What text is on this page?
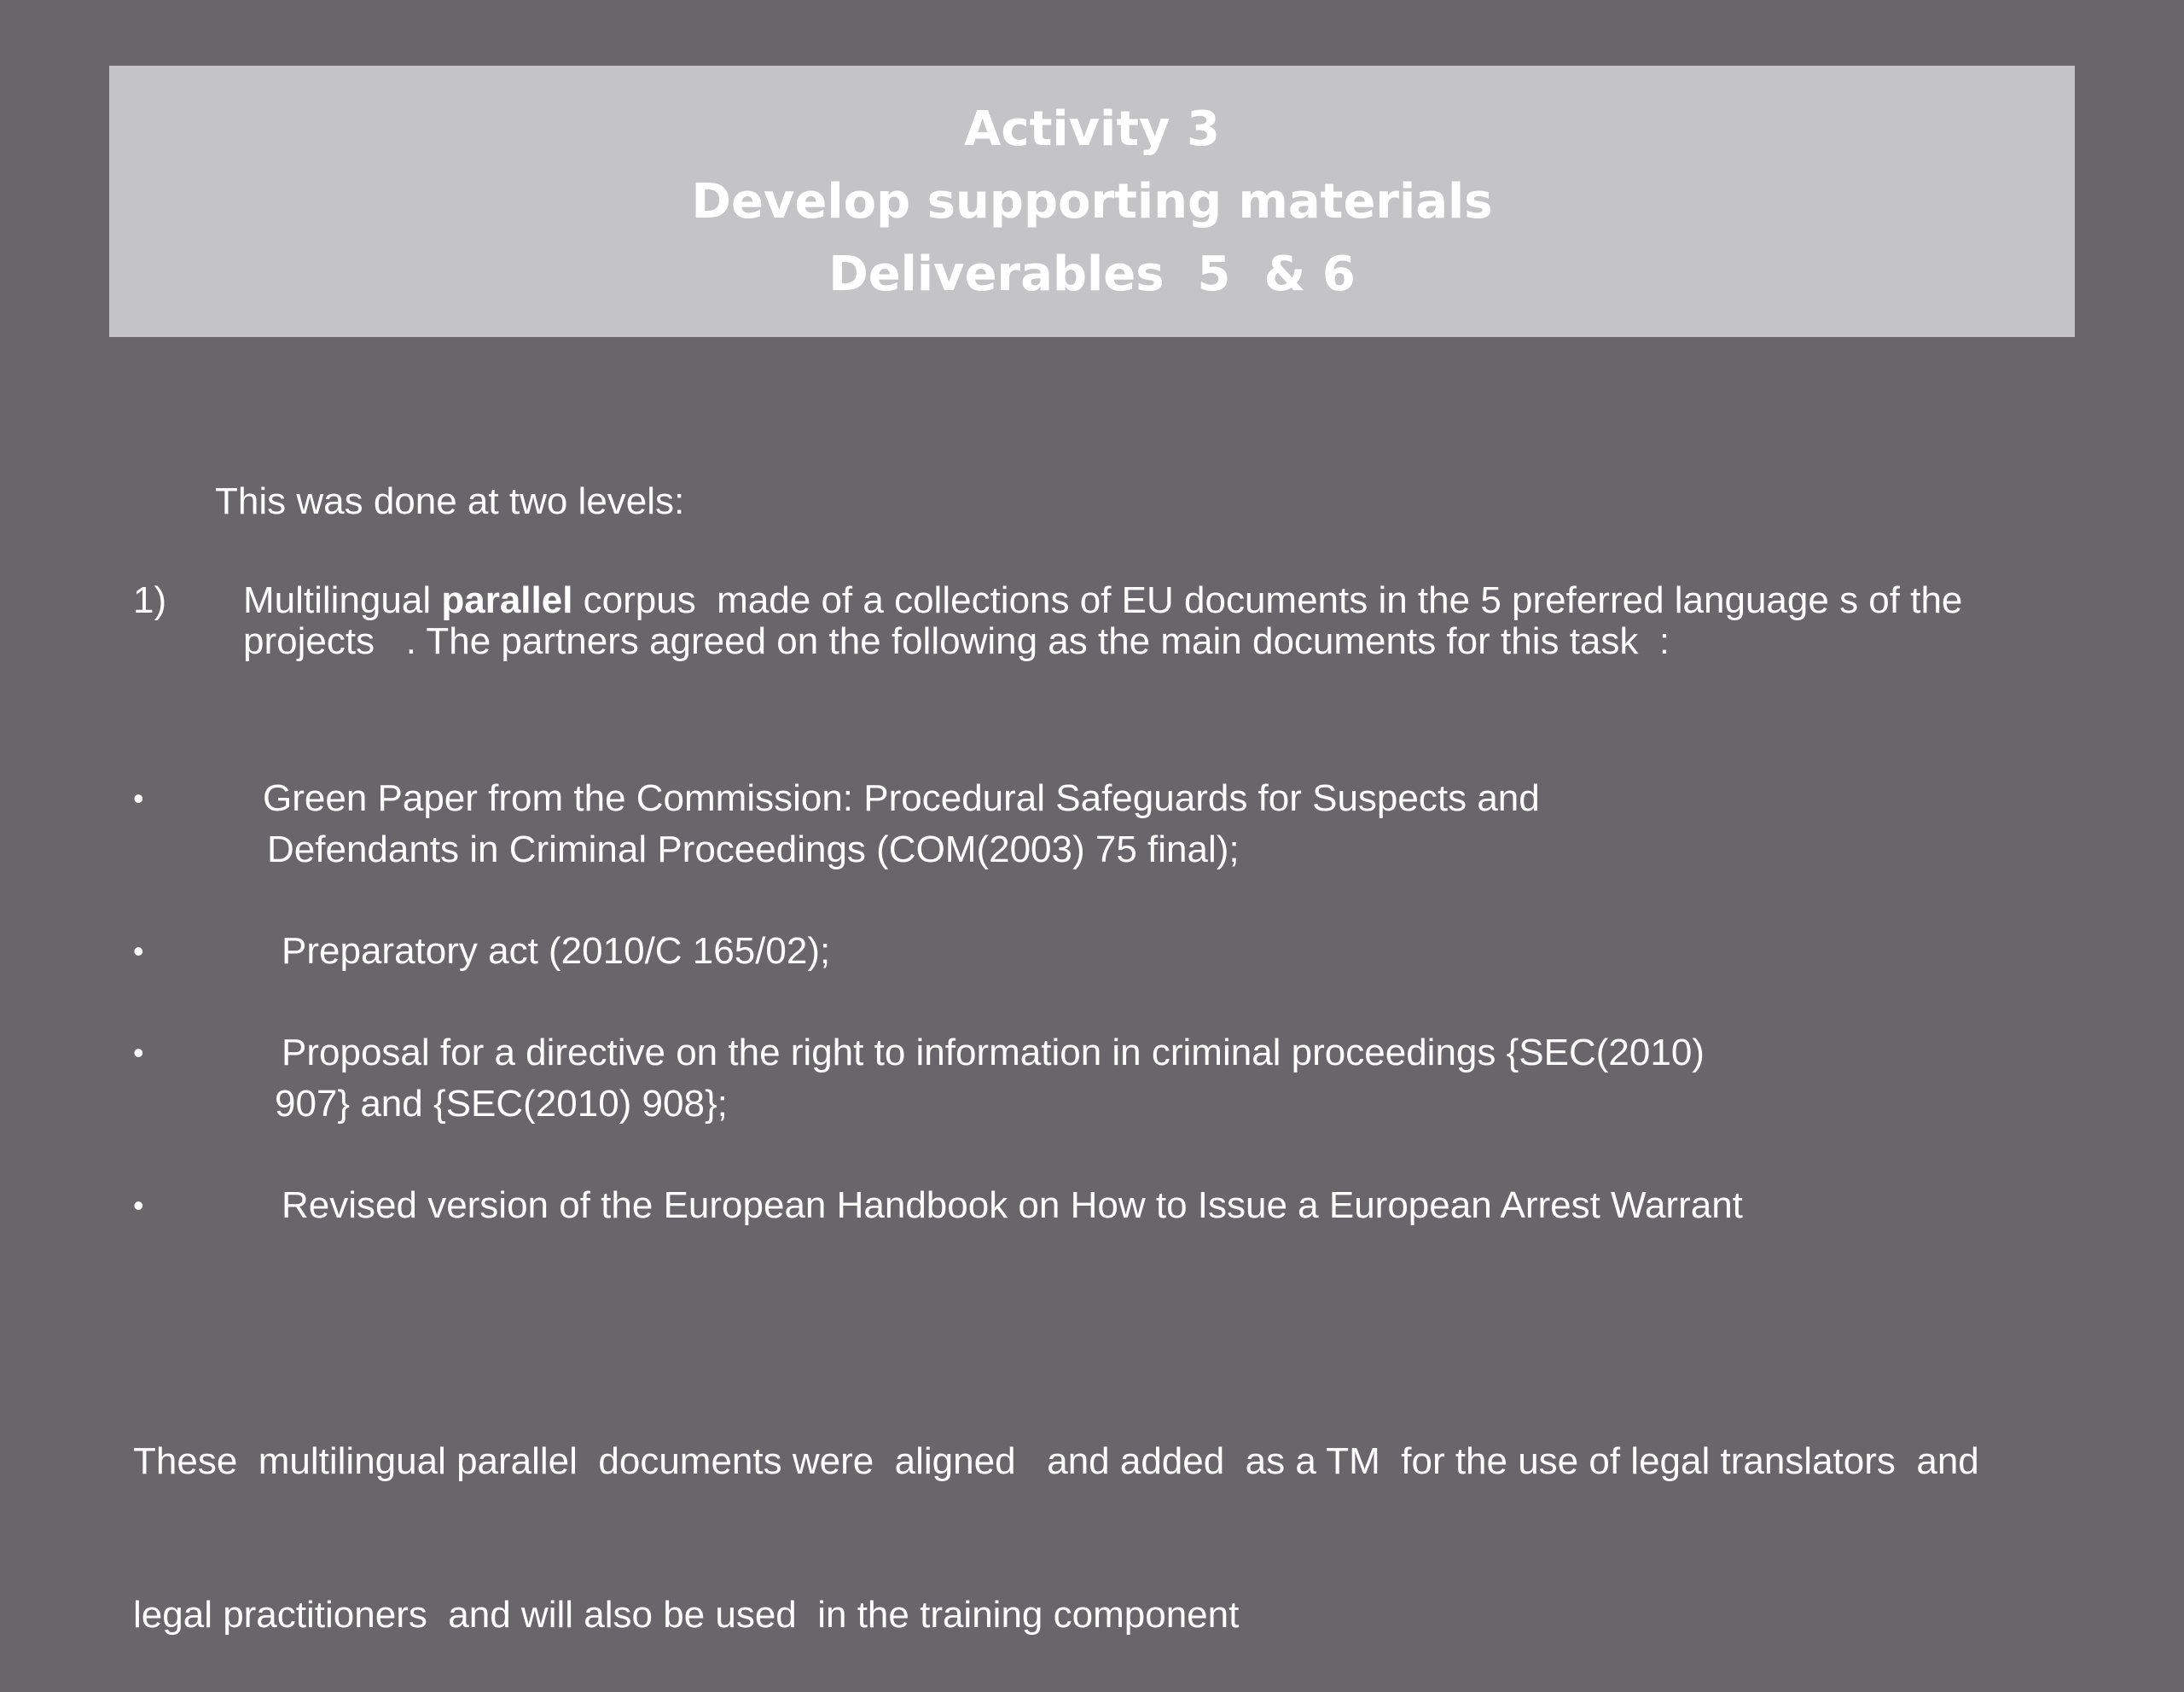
Activity 3
Develop supporting materials
Deliverables  5  & 6
This was done at two levels:
1) Multilingual parallel corpus  made of a collections of EU documents in the 5 preferred language s of the
projects   . The partners agreed on the following as the main documents for this task  :
•	Green Paper from the Commission: Procedural Safeguards for Suspects and
Defendants in Criminal Proceedings (COM(2003) 75 final);
•	Preparatory act (2010/C 165/02);
•	Proposal for a directive on the right to information in criminal proceedings {SEC(2010)
907} and {SEC(2010) 908};
•	Revised version of the European Handbook on How to Issue a European Arrest Warrant

These  multilingual parallel  documents were  aligned   and added  as a TM  for the use of legal translators  and

legal practitioners  and will also be used  in the training component
